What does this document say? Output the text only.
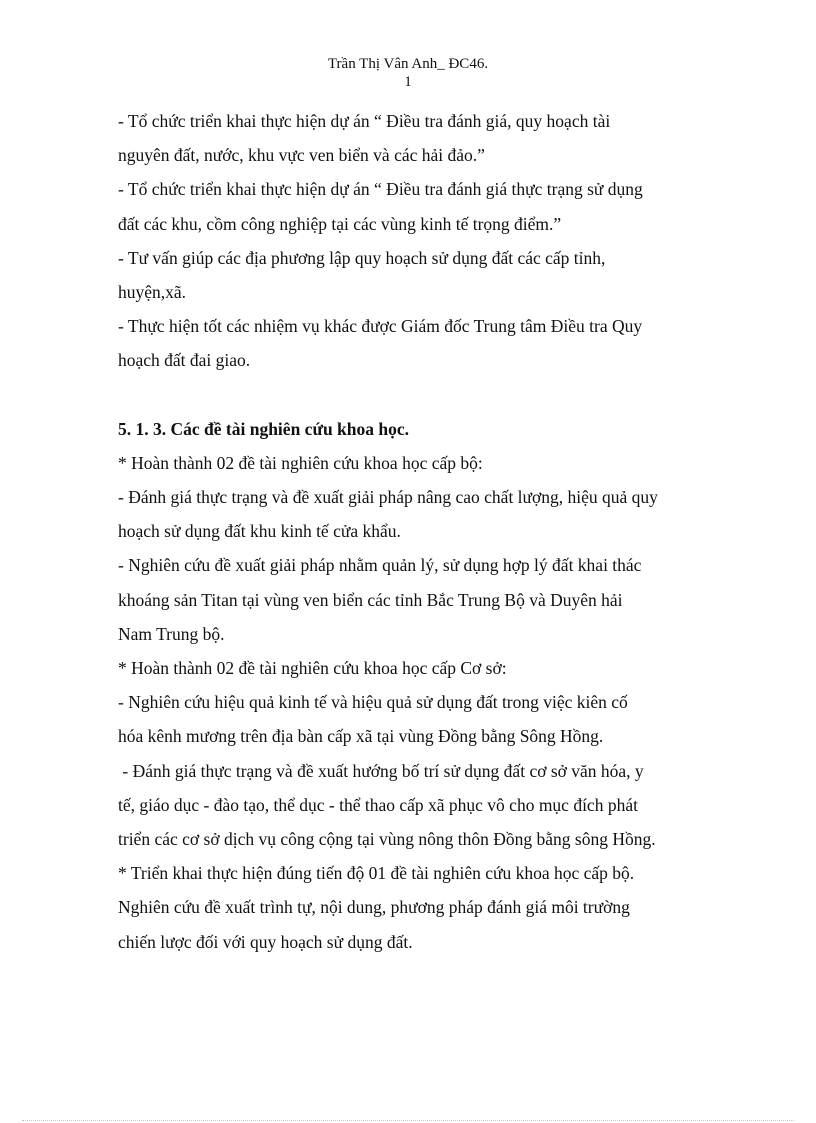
Trần Thị Vân Anh_ ĐC46.
1
- Tổ chức triển khai thực hiện dự án “ Điều tra đánh giá, quy hoạch tài
nguyên đất, nước, khu vực ven biển và các hải đảo.”
- Tổ chức triển khai thực hiện dự án “ Điều tra đánh giá thực trạng sử dụng
đất các khu, cồm công nghiệp tại các vùng kinh tế trọng điểm.”
- Tư vấn giúp các địa phương lập quy hoạch sử dụng đất các cấp tỉnh,
huyện,xã.
- Thực hiện tốt các nhiệm vụ khác được Giám đốc Trung tâm Điều tra Quy
hoạch đất đai giao.
5. 1. 3. Các đề tài nghiên cứu khoa học.
* Hoàn thành 02 đề tài nghiên cứu khoa học cấp bộ:
- Đánh giá thực trạng và đề xuất giải pháp nâng cao chất lượng, hiệu quả quy
hoạch sử dụng đất khu kinh tế cửa khẩu.
- Nghiên cứu đề xuất giải pháp nhằm quản lý, sử dụng hợp lý đất khai thác
khoáng sản Titan tại vùng ven biển các tỉnh Bắc Trung Bộ và Duyên hải
Nam Trung bộ.
* Hoàn thành 02 đề tài nghiên cứu khoa học cấp Cơ sở:
- Nghiên cứu hiệu quả kinh tế và hiệu quả sử dụng đất trong việc kiên cố
hóa kênh mương trên địa bàn cấp xã tại vùng Đồng bằng Sông Hồng.
- Đánh giá thực trạng và đề xuất hướng bố trí sử dụng đất cơ sở văn hóa, y
tế, giáo dục - đào tạo, thể dục - thể thao cấp xã phục vô cho mục đích phát
triển các cơ sở dịch vụ công cộng tại vùng nông thôn Đồng bằng sông Hồng.
* Triển khai thực hiện đúng tiến độ 01 đề tài nghiên cứu khoa học cấp bộ.
Nghiên cứu đề xuất trình tự, nội dung, phương pháp đánh giá môi trường
chiến lược đối với quy hoạch sử dụng đất.
